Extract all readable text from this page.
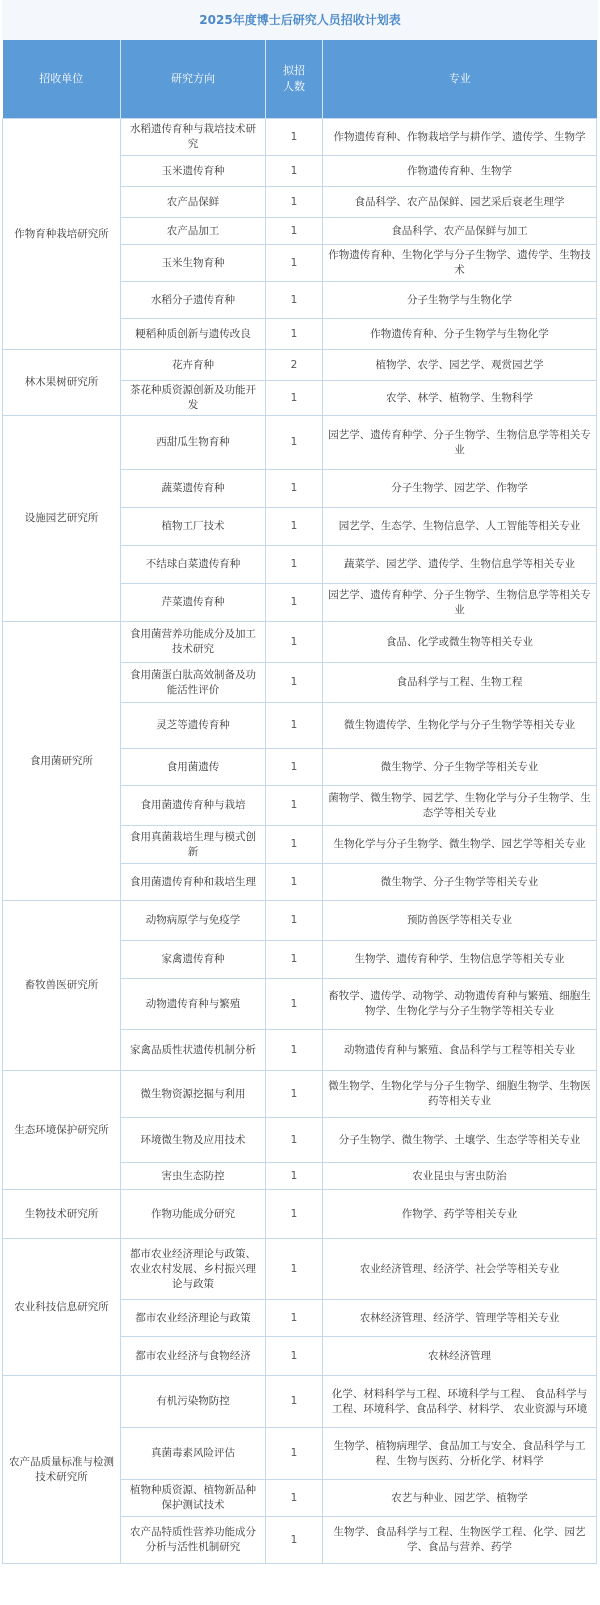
2025年度博士后研究人员招收计划表
招收单位	研究方向	拟招人数	专业
作物育种栽培研究所	水稻遗传育种与栽培技术研究	1	作物遗传育种、作物栽培学与耕作学、遗传学、生物学
	玉米遗传育种	1	作物遗传育种、生物学
	农产品保鲜	1	食品科学、农产品保鲜、园艺采后衰老生理学
	农产品加工	1	食品科学、农产品保鲜与加工
	玉米生物育种	1	作物遗传育种、生物化学与分子生物学、遗传学、生物技术
	水稻分子遗传育种	1	分子生物学与生物化学
	粳稻种质创新与遗传改良	1	作物遗传育种、分子生物学与生物化学
林木果树研究所	花卉育种	2	植物学、农学、园艺学、观赏园艺学
	茶花种质资源创新及功能开发	1	农学、林学、植物学、生物科学
设施园艺研究所	西甜瓜生物育种	1	园艺学、遗传育种学、分子生物学、生物信息学等相关专业
	蔬菜遗传育种	1	分子生物学、园艺学、作物学
	植物工厂技术	1	园艺学、生态学、生物信息学、人工智能等相关专业
	不结球白菜遗传育种	1	蔬菜学、园艺学、遗传学、生物信息学等相关专业
	芹菜遗传育种	1	园艺学、遗传育种学、分子生物学、生物信息学等相关专业
食用菌研究所	食用菌营养功能成分及加工技术研究	1	食品、化学或微生物等相关专业
	食用菌蛋白肽高效制备及功能活性评价	1	食品科学与工程、生物工程
	灵芝等遗传育种	1	微生物遗传学、生物化学与分子生物学等相关专业
	食用菌遗传	1	微生物学、分子生物学等相关专业
	食用菌遗传育种与栽培	1	菌物学、微生物学、园艺学、生物化学与分子生物学、生态学等相关专业
	食用真菌栽培生理与模式创新	1	生物化学与分子生物学、微生物学、园艺学等相关专业
	食用菌遗传育种和栽培生理	1	微生物学、分子生物学等相关专业
畜牧兽医研究所	动物病原学与免疫学	1	预防兽医学等相关专业
	家禽遗传育种	1	生物学、遗传育种学、生物信息学等相关专业
	动物遗传育种与繁殖	1	畜牧学、遗传学、动物学、动物遗传育种与繁殖、细胞生物学、生物化学与分子生物学等相关专业
	家禽品质性状遗传机制分析	1	动物遗传育种与繁殖、食品科学与工程等相关专业
生态环境保护研究所	微生物资源挖掘与利用	1	微生物学、生物化学与分子生物学、细胞生物学、生物医药等相关专业
	环境微生物及应用技术	1	分子生物学、微生物学、土壤学、生态学等相关专业
	害虫生态防控	1	农业昆虫与害虫防治
生物技术研究所	作物功能成分研究	1	作物学、药学等相关专业
农业科技信息研究所	都市农业经济理论与政策、农业农村发展、乡村振兴理论与政策	1	农业经济管理、经济学、社会学等相关专业
	都市农业经济理论与政策	1	农林经济管理、经济学、管理学等相关专业
	都市农业经济与食物经济	1	农林经济管理
农产品质量标准与检测技术研究所	有机污染物防控	1	化学、材料科学与工程、环境科学与工程、 食品科学与工程、环境科学、食品科学、材料学、 农业资源与环境
	真菌毒素风险评估	1	生物学、植物病理学、食品加工与安全、食品科学与工程、生物与医药、分析化学、材料学
	植物种质资源、植物新品种保护测试技术	1	农艺与种业、园艺学、植物学
	农产品特质性营养功能成分分析与活性机制研究	1	生物学、食品科学与工程、生物医学工程、化学、园艺学、食品与营养、药学
